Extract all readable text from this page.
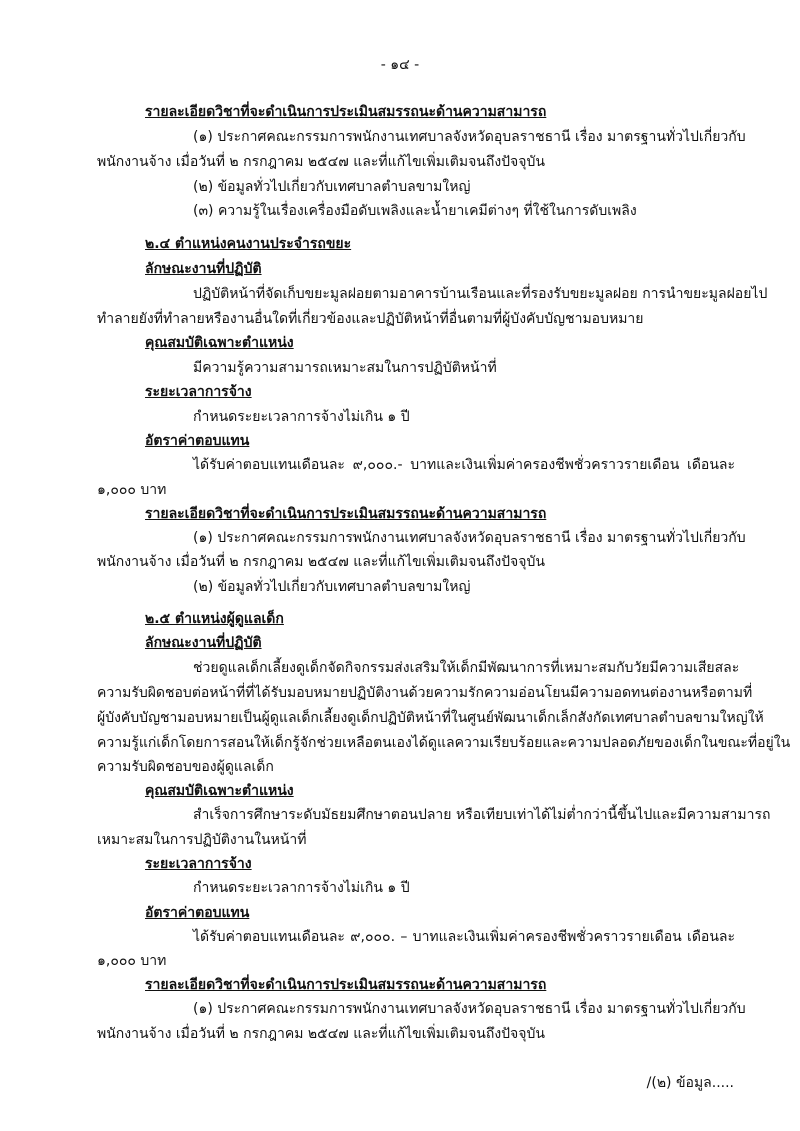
- ๑๔ -
รายละเอียดวิชาที่จะดำเนินการประเมินสมรรถนะด้านความสามารถ
(๑) ประกาศคณะกรรมการพนักงานเทศบาลจังหวัดอุบลราชธานี เรื่อง มาตรฐานทั่วไปเกี่ยวกับ
พนักงานจ้าง เมื่อวันที่ ๒ กรกฎาคม ๒๕๔๗ และที่แก้ไขเพิ่มเติมจนถึงปัจจุบัน
(๒) ข้อมูลทั่วไปเกี่ยวกับเทศบาลตำบลขามใหญ่
(๓) ความรู้ในเรื่องเครื่องมือดับเพลิงและน้ำยาเคมีต่างๆ ที่ใช้ในการดับเพลิง
๒.๔ ตำแหน่งคนงานประจำรถขยะ
ลักษณะงานที่ปฏิบัติ
ปฏิบัติหน้าที่จัดเก็บขยะมูลฝอยตามอาคารบ้านเรือนและที่รองรับขยะมูลฝอย การนำขยะมูลฝอยไป
ทำลายยังที่ทำลายหรืองานอื่นใดที่เกี่ยวข้องและปฏิบัติหน้าที่อื่นตามที่ผู้บังคับบัญชามอบหมาย
คุณสมบัติเฉพาะตำแหน่ง
มีความรู้ความสามารถเหมาะสมในการปฏิบัติหน้าที่
ระยะเวลาการจ้าง
กำหนดระยะเวลาการจ้างไม่เกิน ๑ ปี
อัตราค่าตอบแทน
ได้รับค่าตอบแทนเดือนละ ๙,๐๐๐.- บาทและเงินเพิ่มค่าครองชีพชั่วคราวรายเดือน เดือนละ
๑,๐๐๐ บาท
รายละเอียดวิชาที่จะดำเนินการประเมินสมรรถนะด้านความสามารถ
(๑) ประกาศคณะกรรมการพนักงานเทศบาลจังหวัดอุบลราชธานี เรื่อง มาตรฐานทั่วไปเกี่ยวกับ
พนักงานจ้าง เมื่อวันที่ ๒ กรกฎาคม ๒๕๔๗ และที่แก้ไขเพิ่มเติมจนถึงปัจจุบัน
(๒) ข้อมูลทั่วไปเกี่ยวกับเทศบาลตำบลขามใหญ่
๒.๕ ตำแหน่งผู้ดูแลเด็ก
ลักษณะงานที่ปฏิบัติ
ช่วยดูแลเด็กเลี้ยงดูเด็กจัดกิจกรรมส่งเสริมให้เด็กมีพัฒนาการที่เหมาะสมกับวัยมีความเสียสละ
ความรับผิดชอบต่อหน้าที่ที่ได้รับมอบหมายปฏิบัติงานด้วยความรักความอ่อนโยนมีความอดทนต่องานหรือตามที่
ผู้บังคับบัญชามอบหมายเป็นผู้ดูแลเด็กเลี้ยงดูเด็กปฏิบัติหน้าที่ในศูนย์พัฒนาเด็กเล็กสังกัดเทศบาลตำบลขามใหญ่ให้
ความรู้แก่เด็กโดยการสอนให้เด็กรู้จักช่วยเหลือตนเองได้ดูแลความเรียบร้อยและความปลอดภัยของเด็กในขณะที่อยู่ใน
ความรับผิดชอบของผู้ดูแลเด็ก
คุณสมบัติเฉพาะตำแหน่ง
สำเร็จการศึกษาระดับมัธยมศึกษาตอนปลาย หรือเทียบเท่าได้ไม่ต่ำกว่านี้ขึ้นไปและมีความสามารถ
เหมาะสมในการปฏิบัติงานในหน้าที่
ระยะเวลาการจ้าง
กำหนดระยะเวลาการจ้างไม่เกิน ๑ ปี
อัตราค่าตอบแทน
ได้รับค่าตอบแทนเดือนละ ๙,๐๐๐. – บาทและเงินเพิ่มค่าครองชีพชั่วคราวรายเดือน เดือนละ
๑,๐๐๐ บาท
รายละเอียดวิชาที่จะดำเนินการประเมินสมรรถนะด้านความสามารถ
(๑) ประกาศคณะกรรมการพนักงานเทศบาลจังหวัดอุบลราชธานี เรื่อง มาตรฐานทั่วไปเกี่ยวกับ
พนักงานจ้าง เมื่อวันที่ ๒ กรกฎาคม ๒๕๔๗ และที่แก้ไขเพิ่มเติมจนถึงปัจจุบัน
/(๒) ข้อมูล.....
